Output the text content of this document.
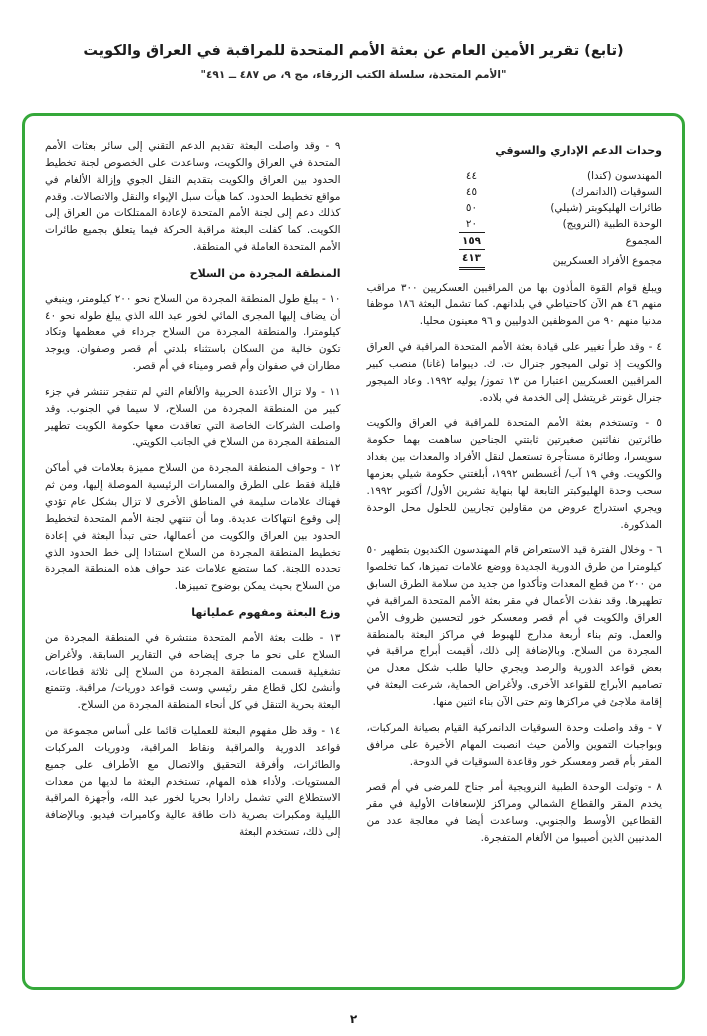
(تابع) تقرير الأمين العام عن بعثة الأمم المتحدة للمراقبة في العراق والكويت
"الأمم المتحدة، سلسلة الكتب الزرقاء، مج ٩، ص ٤٨٧ ــ ٤٩١"
وحدات الدعم الإداري والسوقي
المهندسون (كندا)
٤٤
السوقيات (الدانمرك)
٤٥
طائرات الهليكوبتر (شيلي)
٥٠
الوحدة الطبية (النرويج)
٢٠
المجموع
١٥٩
مجموع الأفراد العسكريين
٤١٣

ويبلغ قوام القوة المأذون بها من المراقبين العسكريين ٣٠٠ مراقب منهم ٤٦ هم الآن كاحتياطي في بلدانهم. كما تشمل البعثة ١٨٦ موظفا مدنيا منهم ٩٠ من الموظفين الدوليين و ٩٦ معينون محليا.

٤ - وقد طرأ تغيير على قيادة بعثة الأمم المتحدة المراقبة في العراق والكويت إذ تولى الميجور جنرال ت. ك. ديبواما (غانا) منصب كبير المراقبين العسكريين اعتبارا من ١٣ تموز/ يوليه ١٩٩٢. وعاد الميجور جنرال غونتر غريتشل إلى الخدمة في بلاده.

٥ - وتستخدم بعثة الأمم المتحدة للمراقبة في العراق والكويت طائرتين نفاثتين صغيرتين ثابتتي الجناحين ساهمت بهما حكومة سويسرا، وطائرة مستأجرة تستعمل لنقل الأفراد والمعدات بين بغداد والكويت. وفي ١٩ آب/ أغسطس ١٩٩٢، أبلغتني حكومة شيلي بعزمها سحب وحدة الهليوكبتر التابعة لها بنهاية تشرين الأول/ أكتوبر ١٩٩٢. ويجري استدراج عروض من مقاولين تجاريين للحلول محل الوحدة المذكورة.

٦ - وخلال الفترة قيد الاستعراض قام المهندسون الكنديون بتطهير ٥٠ كيلومترا من طرق الدورية الجديدة ووضع علامات تميزها، كما تخلصوا من ٢٠٠ من قطع المعدات وتأكدوا من جديد من سلامة الطرق السابق تطهيرها. وقد نفذت الأعمال في مقر بعثة الأمم المتحدة المراقبة في العراق والكويت في أم قصر ومعسكر خور لتحسين ظروف الأمن والعمل. وتم بناء أربعة مدارج للهبوط في مراكز البعثة بالمنطقة المجردة من السلاح. وبالإضافة إلى ذلك، أقيمت أبراج مراقبة في بعض قواعد الدورية والرصد ويجري حاليا طلب شكل معدل من تصاميم الأبراج للقواعد الأخرى. ولأغراض الحماية، شرعت البعثة في إقامة ملاجئ في مراكزها وتم حتى الآن بناء اثنين منها.

٧ - وقد واصلت وحدة السوقيات الدانمركية القيام بصيانة المركبات، وبواجبات التموين والأمن حيث انصبت المهام الأخيرة على مرافق المقر بأم قصر ومعسكر خور وقاعدة السوقيات في الدوحة.

٨ - وتولت الوحدة الطبية النرويجية أمر جناح للمرضى في أم قصر يخدم المقر والقطاع الشمالي ومراكز للإسعافات الأولية في مقر القطاعين الأوسط والجنوبي. وساعدت أيضا في معالجة عدد من المدنيين الذين أصيبوا من الألغام المتفجرة.

٩ - وقد واصلت البعثة تقديم الدعم التقني إلى سائر بعثات الأمم المتحدة في العراق والكويت، وساعدت على الخصوص لجنة تخطيط الحدود بين العراق والكويت بتقديم النقل الجوي وإزالة الألغام في مواقع تخطيط الحدود. كما هيأت سبل الإيواء والنقل والاتصالات. وقدم كذلك دعم إلى لجنة الأمم المتحدة لإعادة الممتلكات من العراق إلى الكويت. كما كفلت البعثة مراقبة الحركة فيما يتعلق بجميع طائرات الأمم المتحدة العاملة في المنطقة.

المنطقة المجردة من السلاح

١٠ - يبلغ طول المنطقة المجردة من السلاح نحو ٢٠٠ كيلومتر، وينبغي أن يضاف إليها المجرى المائي لخور عبد الله الذي يبلغ طوله نحو ٤٠ كيلومترا. والمنطقة المجردة من السلاح جرداء في معظمها وتكاد تكون خالية من السكان باستثناء بلدتي أم قصر وصفوان. ويوجد مطاران في صفوان وأم قصر وميناء في أم قصر.

١١ - ولا تزال الأعتدة الحربية والألغام التي لم تنفجر تنتشر في جزء كبير من المنطقة المجردة من السلاح، لا سيما في الجنوب. وقد واصلت الشركات الخاصة التي تعاقدت معها حكومة الكويت تطهير المنطقة المجردة من السلاح في الجانب الكويتي.

١٢ - وحواف المنطقة المجردة من السلاح مميزة بعلامات في أماكن قليلة فقط على الطرق والمسارات الرئيسية الموصلة إليها، ومن ثم فهناك علامات سليمة في المناطق الأخرى لا تزال بشكل عام تؤدي إلى وقوع انتهاكات عديدة. وما أن تنتهي لجنة الأمم المتحدة لتخطيط الحدود بين العراق والكويت من أعمالها، حتى تبدأ البعثة في إعادة تخطيط المنطقة المجردة من السلاح استنادا إلى خط الحدود الذي تحدده اللجنة. كما ستضع علامات عند حواف هذه المنطقة المجردة من السلاح بحيث يمكن بوضوح تمييزها.

وزع البعثة ومفهوم عملياتها

١٣ - ظلت بعثة الأمم المتحدة منتشرة في المنطقة المجردة من السلاح على نحو ما جرى إيضاحه في التقارير السابقة. ولأغراض تشغيلية قسمت المنطقة المجردة من السلاح إلى ثلاثة قطاعات، وأنشئ لكل قطاع مقر رئيسي وست قواعد دوريات/ مراقبة. وتتمتع البعثة بحرية التنقل في كل أنحاء المنطقة المجردة من السلاح.

١٤ - وقد ظل مفهوم البعثة للعمليات قائما على أساس مجموعة من قواعد الدورية والمراقبة ونقاط المراقبة، ودوريات المركبات والطائرات، وأفرقة التحقيق والاتصال مع الأطراف على جميع المستويات. ولأداء هذه المهام، تستخدم البعثة ما لديها من معدات الاستطلاع التي تشمل رادارا بحريا لخور عبد الله، وأجهزة المراقبة الليلية ومكبرات بصرية ذات طاقة عالية وكاميرات فيديو. وبالإضافة إلى ذلك، تستخدم البعثة

٢
